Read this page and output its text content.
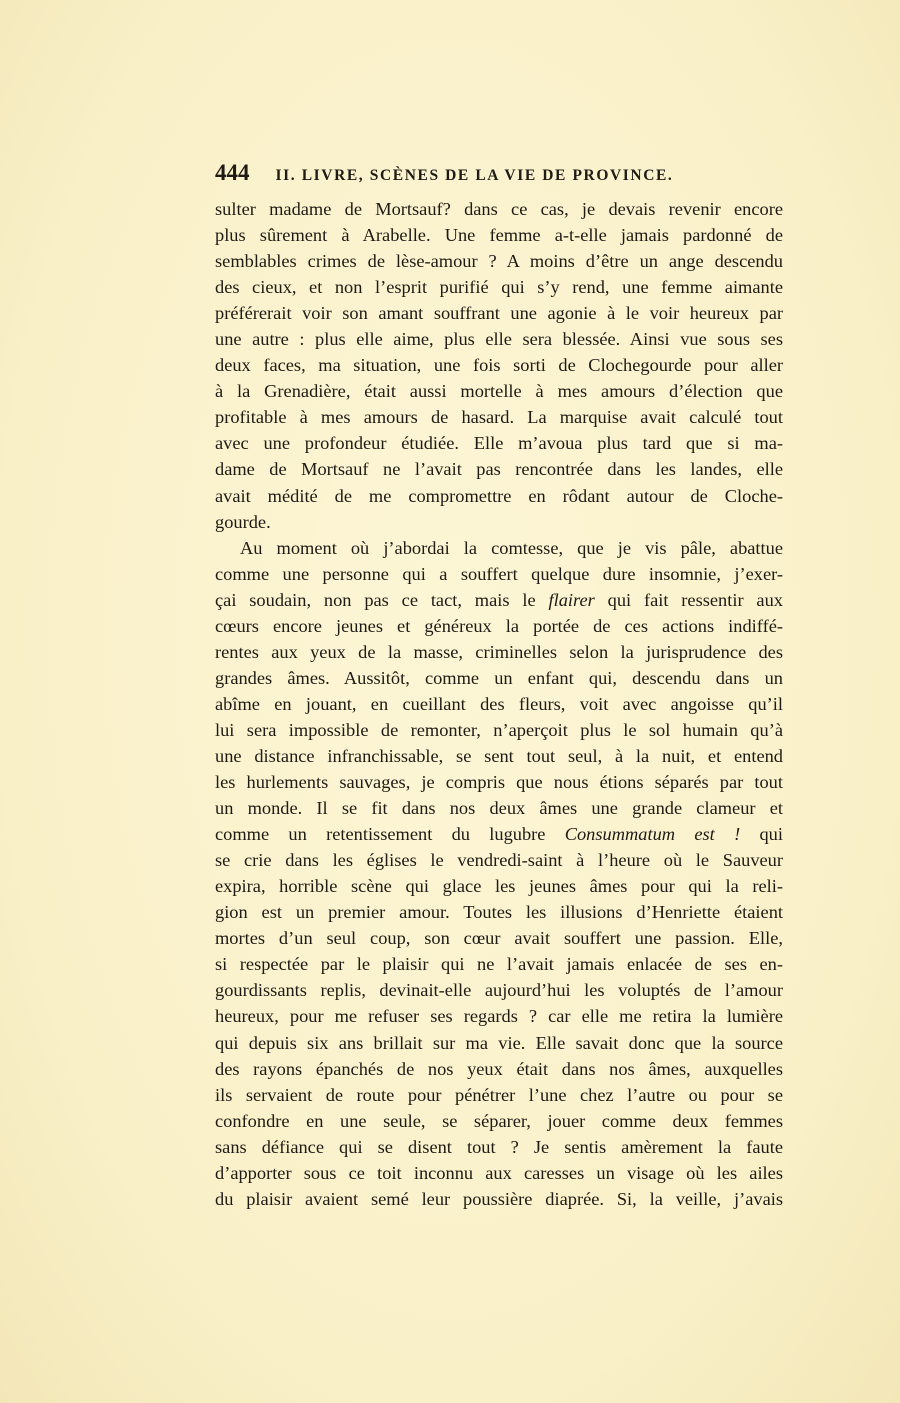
444 II. LIVRE, SCÈNES DE LA VIE DE PROVINCE.
sulter madame de Mortsauf? dans ce cas, je devais revenir encore
plus sûrement à Arabelle. Une femme a-t-elle jamais pardonné de
semblables crimes de lèse-amour ? A moins d’être un ange descendu
des cieux, et non l’esprit purifié qui s’y rend, une femme aimante
préférerait voir son amant souffrant une agonie à le voir heureux par
une autre : plus elle aime, plus elle sera blessée. Ainsi vue sous ses
deux faces, ma situation, une fois sorti de Clochegourde pour aller
à la Grenadière, était aussi mortelle à mes amours d’élection que
profitable à mes amours de hasard. La marquise avait calculé tout
avec une profondeur étudiée. Elle m’avoua plus tard que si ma-
dame de Mortsauf ne l’avait pas rencontrée dans les landes, elle
avait médité de me compromettre en rôdant autour de Cloche-
gourde.
Au moment où j’abordai la comtesse, que je vis pâle, abattue
comme une personne qui a souffert quelque dure insomnie, j’exer-
çai soudain, non pas ce tact, mais le flairer qui fait ressentir aux
cœurs encore jeunes et généreux la portée de ces actions indiffé-
rentes aux yeux de la masse, criminelles selon la jurisprudence des
grandes âmes. Aussitôt, comme un enfant qui, descendu dans un
abîme en jouant, en cueillant des fleurs, voit avec angoisse qu’il
lui sera impossible de remonter, n’aperçoit plus le sol humain qu’à
une distance infranchissable, se sent tout seul, à la nuit, et entend
les hurlements sauvages, je compris que nous étions séparés par tout
un monde. Il se fit dans nos deux âmes une grande clameur et
comme un retentissement du lugubre Consummatum est ! qui
se crie dans les églises le vendredi-saint à l’heure où le Sauveur
expira, horrible scène qui glace les jeunes âmes pour qui la reli-
gion est un premier amour. Toutes les illusions d’Henriette étaient
mortes d’un seul coup, son cœur avait souffert une passion. Elle,
si respectée par le plaisir qui ne l’avait jamais enlacée de ses en-
gourdissants replis, devinait-elle aujourd’hui les voluptés de l’amour
heureux, pour me refuser ses regards ? car elle me retira la lumière
qui depuis six ans brillait sur ma vie. Elle savait donc que la source
des rayons épanchés de nos yeux était dans nos âmes, auxquelles
ils servaient de route pour pénétrer l’une chez l’autre ou pour se
confondre en une seule, se séparer, jouer comme deux femmes
sans défiance qui se disent tout ? Je sentis amèrement la faute
d’apporter sous ce toit inconnu aux caresses un visage où les ailes
du plaisir avaient semé leur poussière diaprée. Si, la veille, j’avais
